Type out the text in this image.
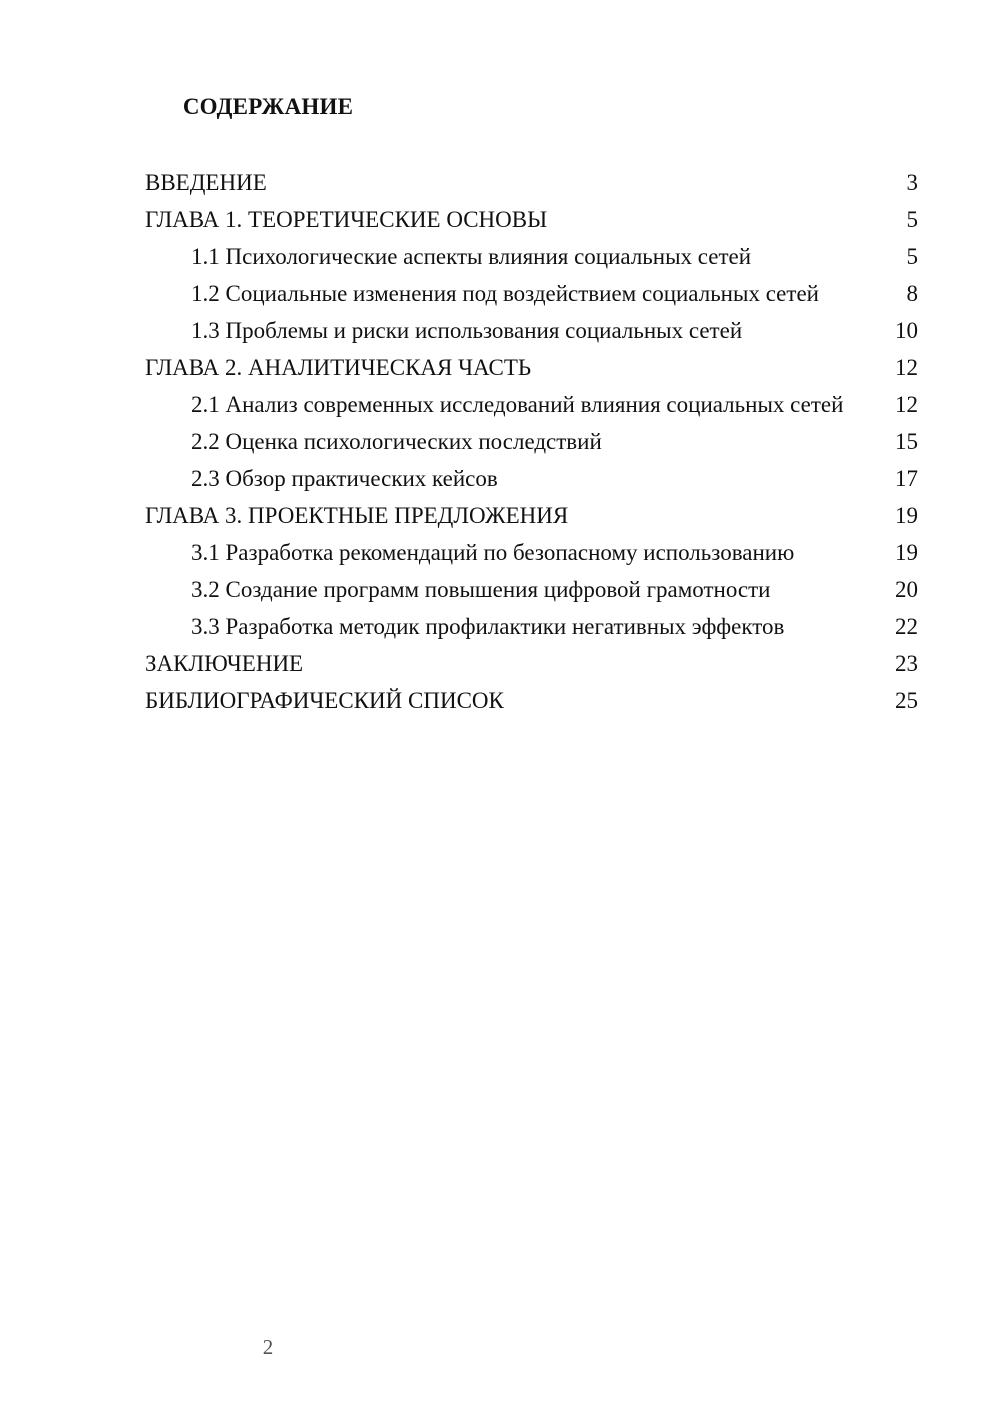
СОДЕРЖАНИЕ
ВВЕДЕНИЕ	3
ГЛАВА 1. ТЕОРЕТИЧЕСКИЕ ОСНОВЫ	5
1.1 Психологические аспекты влияния социальных сетей	5
1.2 Социальные изменения под воздействием социальных сетей	8
1.3 Проблемы и риски использования социальных сетей	10
ГЛАВА 2. АНАЛИТИЧЕСКАЯ ЧАСТЬ	12
2.1 Анализ современных исследований влияния социальных сетей	12
2.2 Оценка психологических последствий	15
2.3 Обзор практических кейсов	17
ГЛАВА 3. ПРОЕКТНЫЕ ПРЕДЛОЖЕНИЯ	19
3.1 Разработка рекомендаций по безопасному использованию	19
3.2 Создание программ повышения цифровой грамотности	20
3.3 Разработка методик профилактики негативных эффектов	22
ЗАКЛЮЧЕНИЕ	23
БИБЛИОГРАФИЧЕСКИЙ СПИСОК	25
2
